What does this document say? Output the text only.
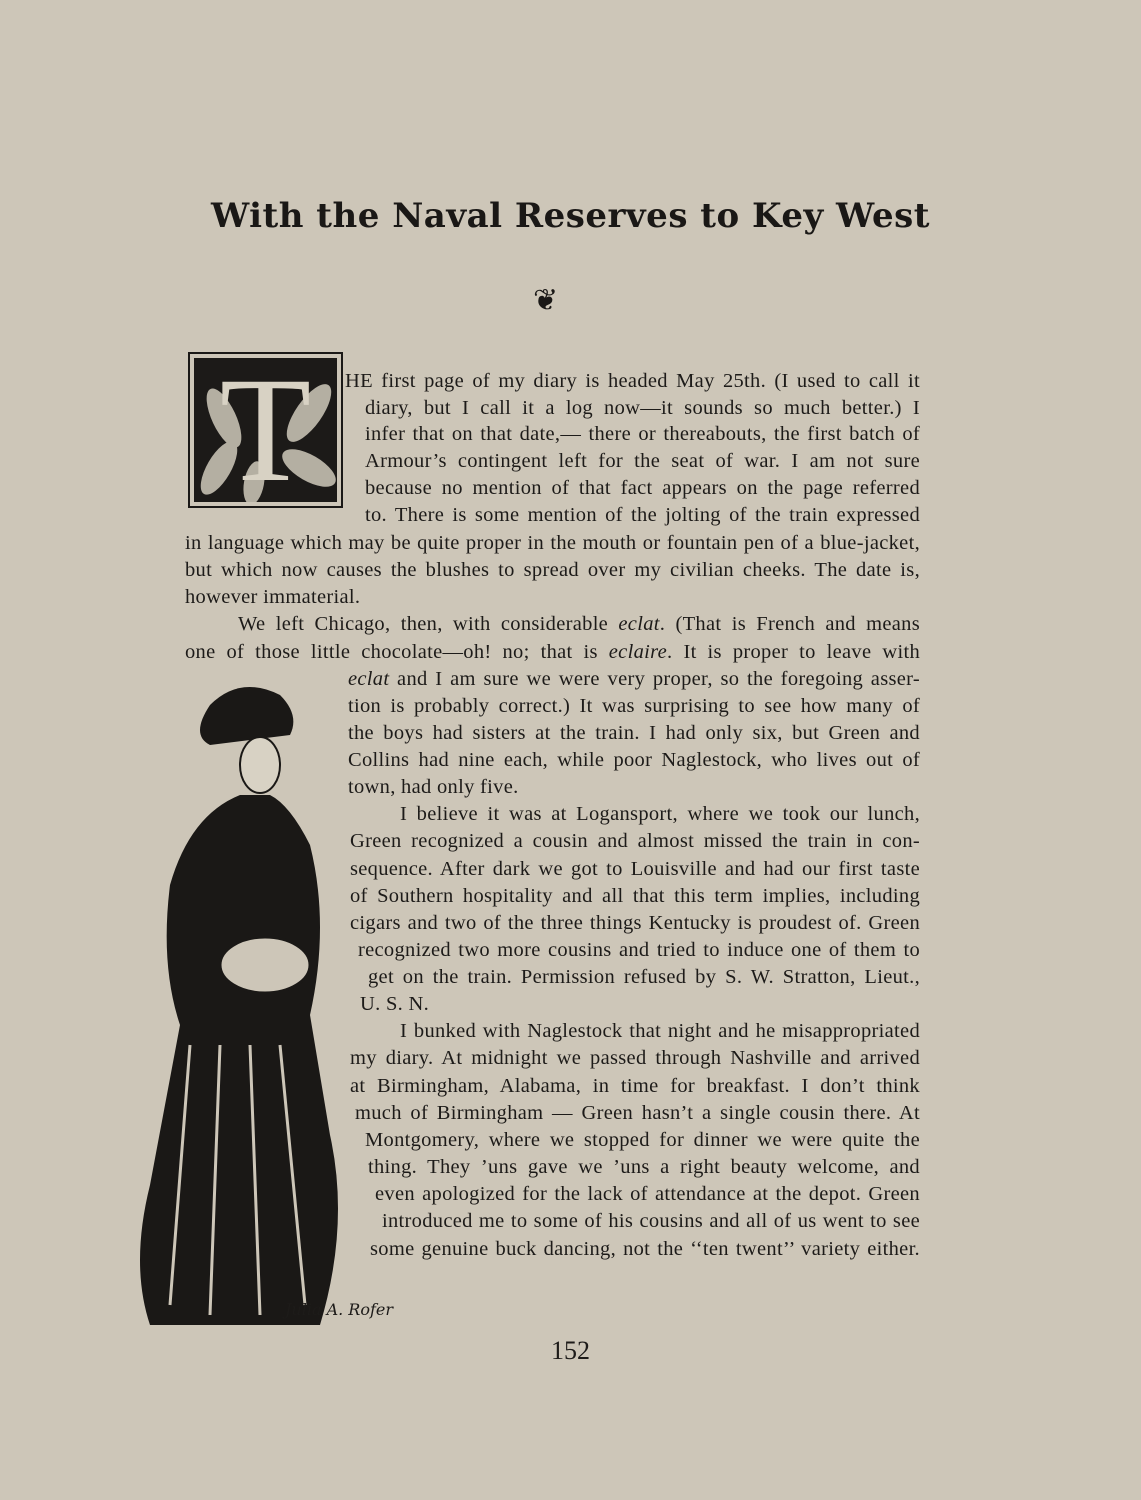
With the Naval Reserves to Key West
❦
T
Julia A. Rofer
HE first page of my diary is headed May 25th. (I used to call it
diary, but I call it a log now—it sounds so much better.) I
infer that on that date,— there or thereabouts, the first batch of
Armour’s contingent left for the seat of war. I am not sure
because no mention of that fact appears on the page referred
to. There is some mention of the jolting of the train expressed
in language which may be quite proper in the mouth or fountain pen of a blue-jacket,
but which now causes the blushes to spread over my civilian cheeks. The date is,
however immaterial.
We left Chicago, then, with considerable eclat. (That is French and means
one of those little chocolate—oh! no; that is eclaire. It is proper to leave with
eclat and I am sure we were very proper, so the foregoing asser-
tion is probably correct.) It was surprising to see how many of
the boys had sisters at the train. I had only six, but Green and
Collins had nine each, while poor Naglestock, who lives out of
town, had only five.
I believe it was at Logansport, where we took our lunch,
Green recognized a cousin and almost missed the train in con-
sequence. After dark we got to Louisville and had our first taste
of Southern hospitality and all that this term implies, including
cigars and two of the three things Kentucky is proudest of. Green
recognized two more cousins and tried to induce one of them to
get on the train. Permission refused by S. W. Stratton, Lieut.,
U. S. N.
I bunked with Naglestock that night and he misappropriated
my diary. At midnight we passed through Nashville and arrived
at Birmingham, Alabama, in time for breakfast. I don’t think
much of Birmingham — Green hasn’t a single cousin there. At
Montgomery, where we stopped for dinner we were quite the
thing. They ’uns gave we ’uns a right beauty welcome, and
even apologized for the lack of attendance at the depot. Green
introduced me to some of his cousins and all of us went to see
some genuine buck dancing, not the ‘‘ten twent’’ variety either.
152
